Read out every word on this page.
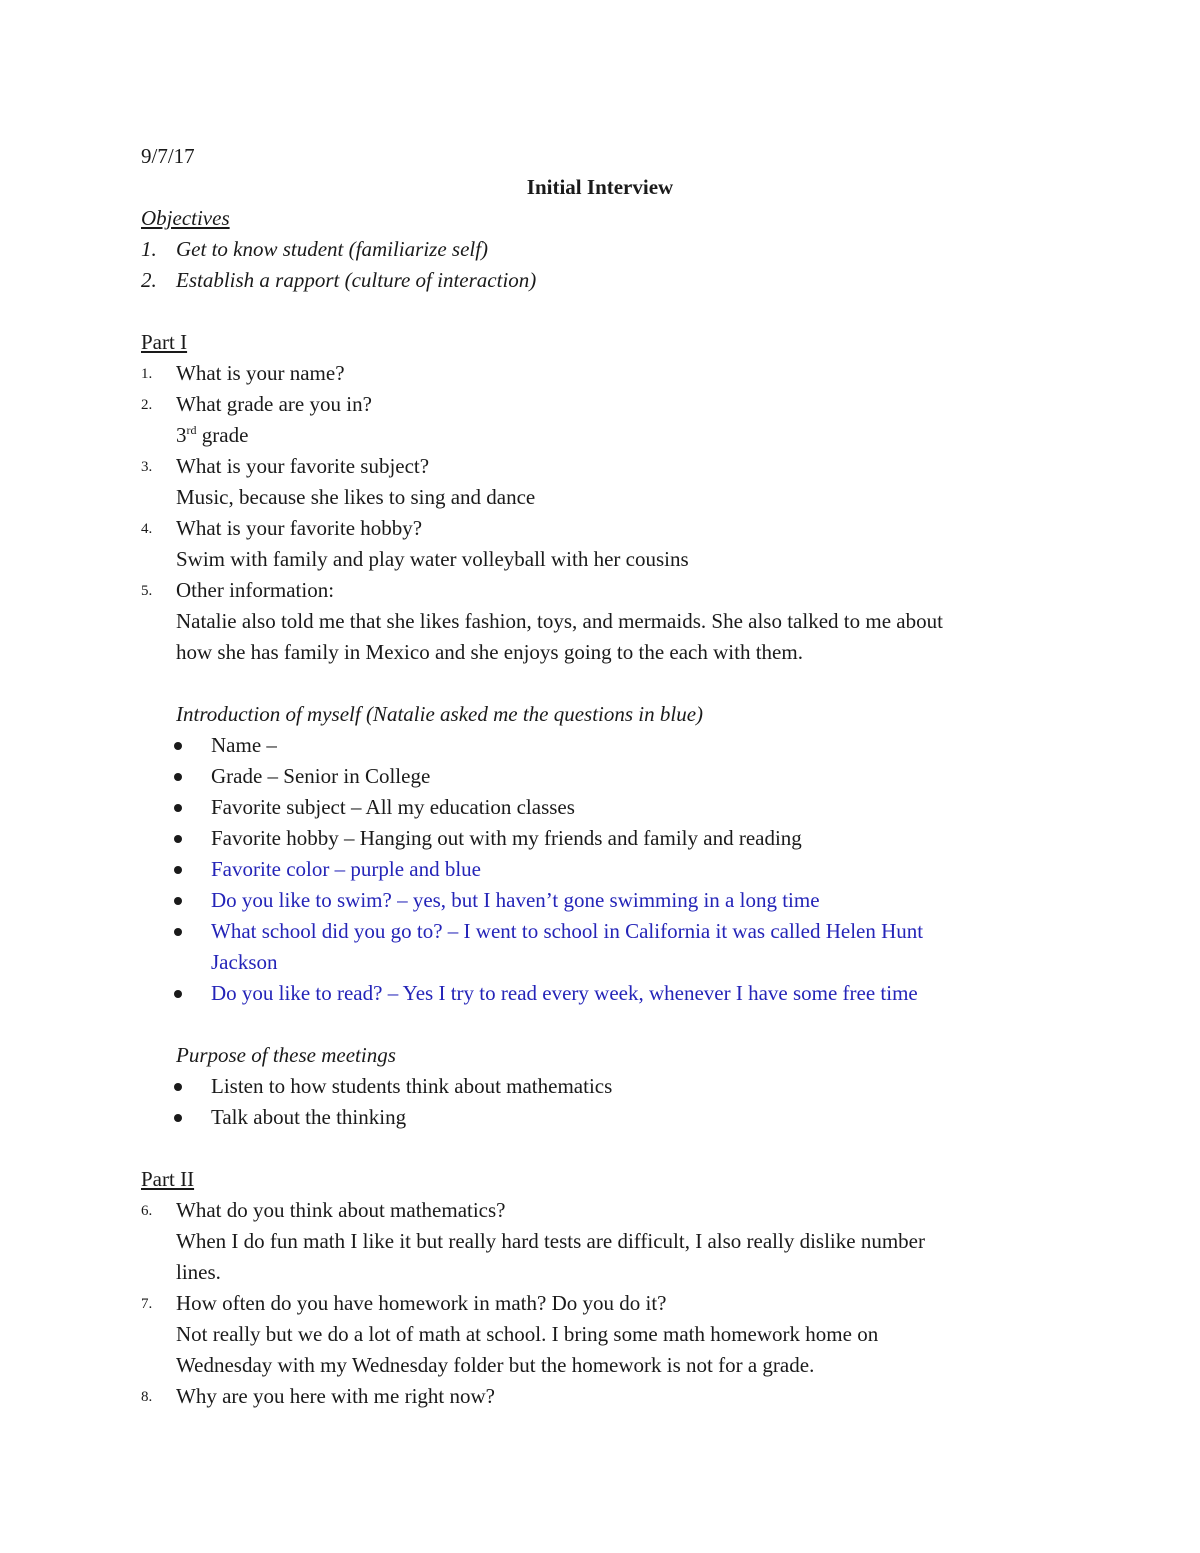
9/7/17
Initial Interview
Objectives
1. Get to know student (familiarize self)
2. Establish a rapport (culture of interaction)
Part I
1. What is your name?
2. What grade are you in?
3rd grade
3. What is your favorite subject?
Music, because she likes to sing and dance
4. What is your favorite hobby?
Swim with family and play water volleyball with her cousins
5. Other information:
Natalie also told me that she likes fashion, toys, and mermaids. She also talked to me about
how she has family in Mexico and she enjoys going to the each with them.
Introduction of myself (Natalie asked me the questions in blue)
Name –
Grade – Senior in College
Favorite subject – All my education classes
Favorite hobby – Hanging out with my friends and family and reading
Favorite color – purple and blue
Do you like to swim? – yes, but I haven’t gone swimming in a long time
What school did you go to? – I went to school in California it was called Helen Hunt
Jackson
Do you like to read? – Yes I try to read every week, whenever I have some free time
Purpose of these meetings
Listen to how students think about mathematics
Talk about the thinking
Part II
6. What do you think about mathematics?
When I do fun math I like it but really hard tests are difficult, I also really dislike number
lines.
7. How often do you have homework in math? Do you do it?
Not really but we do a lot of math at school. I bring some math homework home on
Wednesday with my Wednesday folder but the homework is not for a grade.
8. Why are you here with me right now?
